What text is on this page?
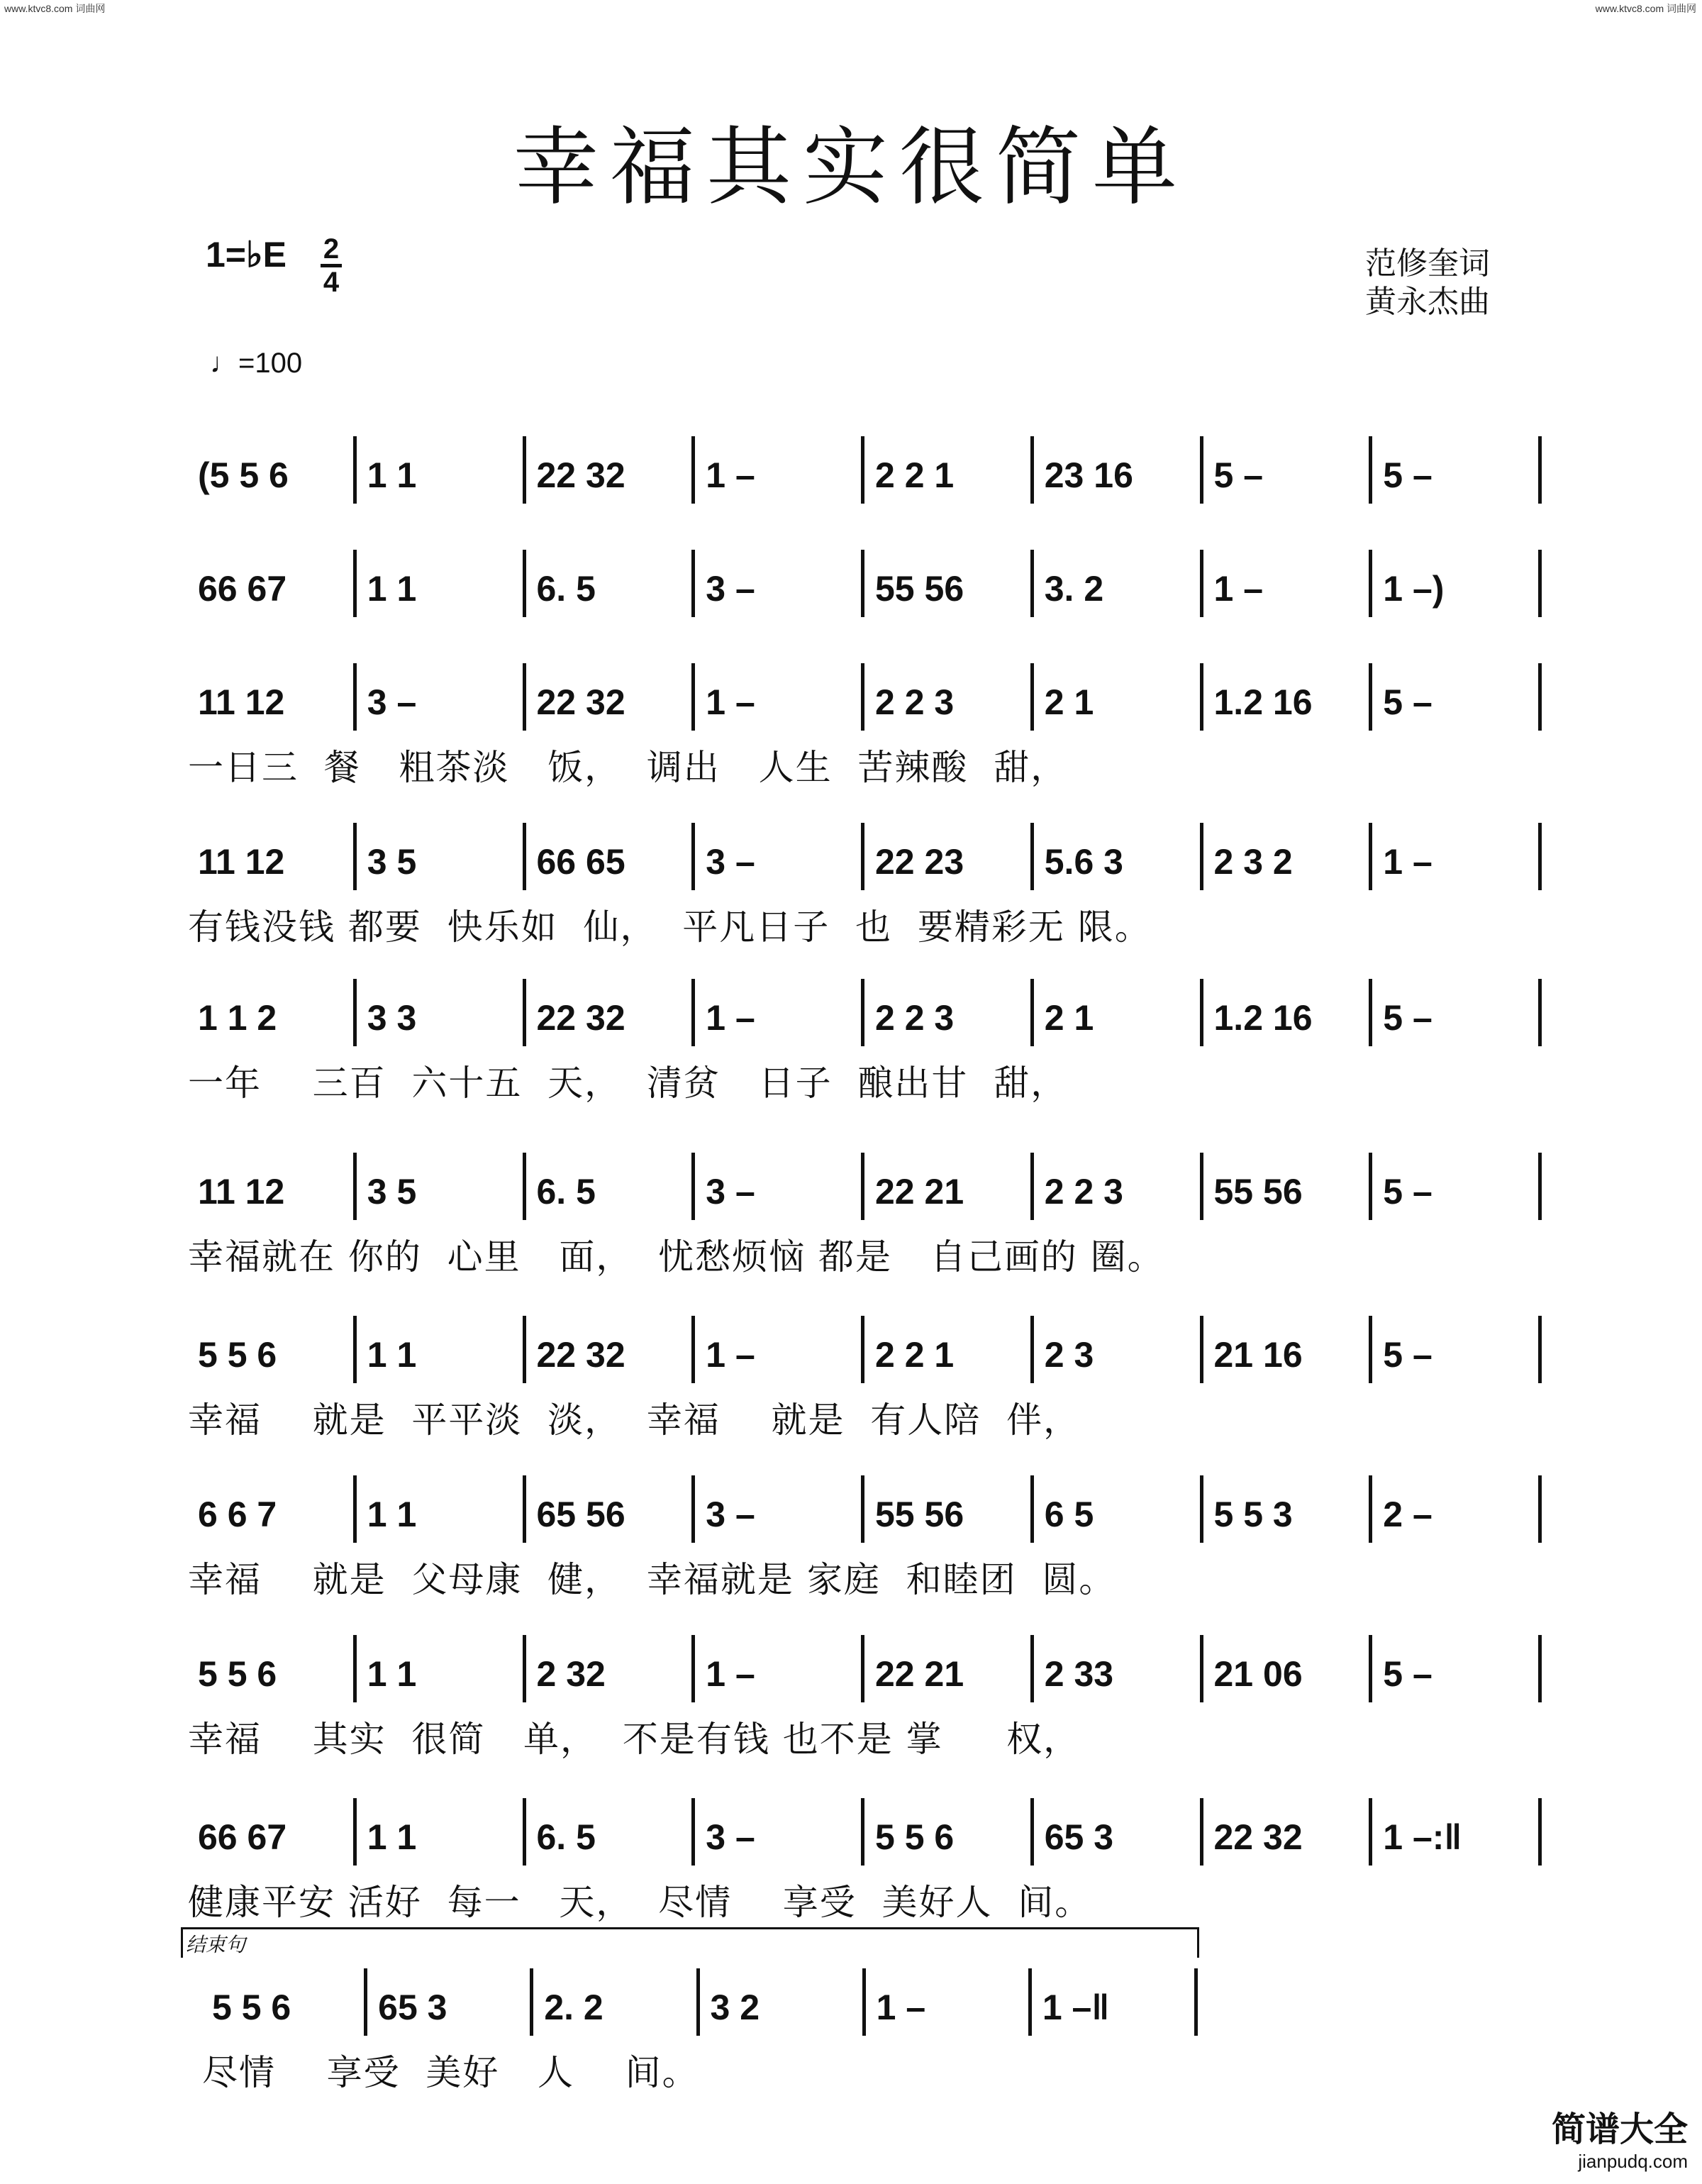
www.ktvc8.com 词曲网	www.ktvc8.com 词曲网
幸福其实很简单
1=♭E 2
4
♩=100
范修奎词
黄永杰曲
(5 5 6 1 1	22 32 1 –	2 2 1	23 16 5 –	5 –
66 67 1 1	6. 5	3 –	55 56 3. 2	1 –	1 –)
11 12 3 –	22 32 1 –	2 2 3	2 1	1.2 16 5 –
一日三  餐   粗茶淡   饭，  调出   人生  苦辣酸  甜，
11 12 3 5	66 65 3 –	22 23 5.6 3	2 3 2	1 –
有钱没钱 都要  快乐如  仙，  平凡日子  也  要精彩无 限。
1 1 2	3 3	22 32 1 –	2 2 3	2 1	1.2 16 5 –
一年    三百  六十五  天，  清贫   日子  酿出甘  甜，
11 12 3 5	6. 5	3 –	22 21 2 2 3	55 56 5 –
幸福就在 你的  心里   面，  忧愁烦恼 都是   自己画的 圈。
5 5 6	1 1	22 32 1 –	2 2 1	2 3	21 16 5 –
幸福    就是  平平淡  淡，  幸福    就是  有人陪  伴，
6 6 7	1 1	65 56 3 –	55 56 6 5	5 5 3	2 –
幸福    就是  父母康  健，  幸福就是 家庭  和睦团  圆。
5 5 6	1 1	2 32	1 –	22 21 2 33	21 06 5 –
幸福    其实  很简   单，  不是有钱 也不是 掌     权，
66 67 1 1	6. 5	3 –	5 5 6	65 3	22 32 1 –:‖
健康平安 活好  每一   天，  尽情    享受  美好人  间。
5 5 6 65 3	2. 2	3 2	1 –	1 –‖
尽情    享受  美好   人    间。
结束句
简谱大全
jianpudq.com
